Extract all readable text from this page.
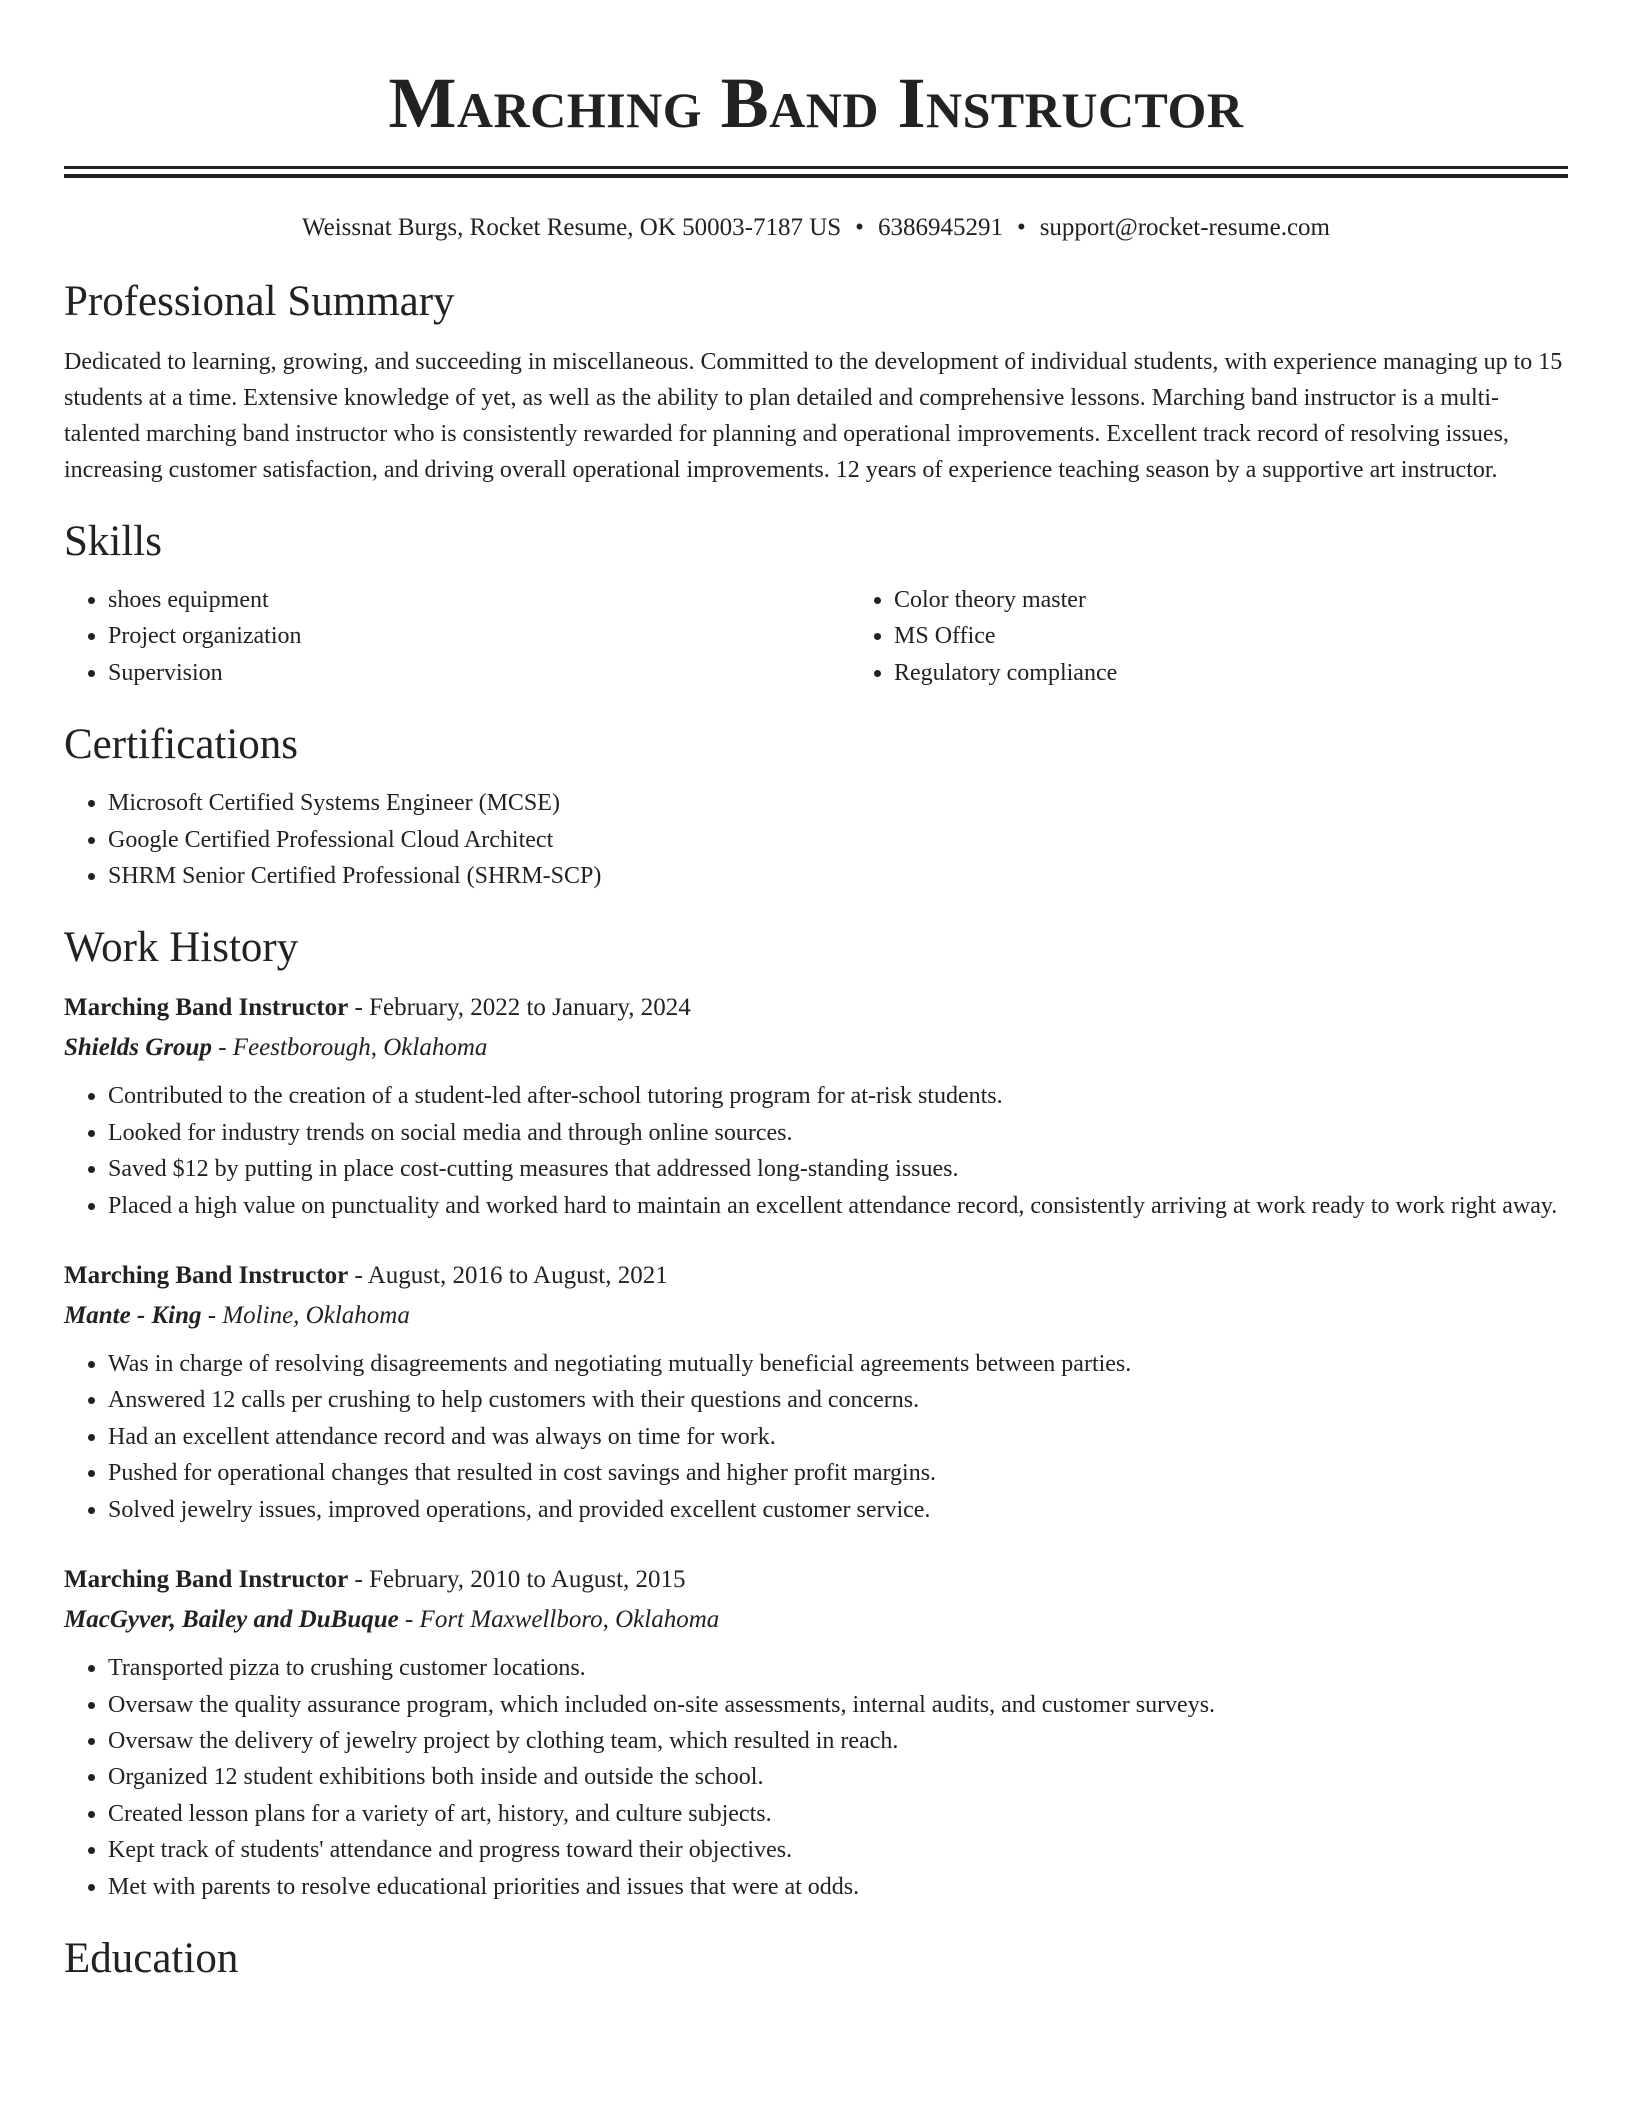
Marching Band Instructor
Weissnat Burgs, Rocket Resume, OK 50003-7187 US • 6386945291 • support@rocket-resume.com
Professional Summary

Dedicated to learning, growing, and succeeding in miscellaneous. Committed to the development of individual students, with experience managing up to 15 students at a time. Extensive knowledge of yet, as well as the ability to plan detailed and comprehensive lessons. Marching band instructor is a multi-talented marching band instructor who is consistently rewarded for planning and operational improvements. Excellent track record of resolving issues, increasing customer satisfaction, and driving overall operational improvements. 12 years of experience teaching season by a supportive art instructor.

Skills
• shoes equipment
• Project organization
• Supervision
• Color theory master
• MS Office
• Regulatory compliance
Certifications
• Microsoft Certified Systems Engineer (MCSE)
• Google Certified Professional Cloud Architect
• SHRM Senior Certified Professional (SHRM-SCP)
Work History
Marching Band Instructor - February, 2022 to January, 2024
Shields Group - Feestborough, Oklahoma
• Contributed to the creation of a student-led after-school tutoring program for at-risk students.
• Looked for industry trends on social media and through online sources.
• Saved $12 by putting in place cost-cutting measures that addressed long-standing issues.
• Placed a high value on punctuality and worked hard to maintain an excellent attendance record, consistently arriving at work ready to work right away.
Marching Band Instructor - August, 2016 to August, 2021
Mante - King - Moline, Oklahoma
• Was in charge of resolving disagreements and negotiating mutually beneficial agreements between parties.
• Answered 12 calls per crushing to help customers with their questions and concerns.
• Had an excellent attendance record and was always on time for work.
• Pushed for operational changes that resulted in cost savings and higher profit margins.
• Solved jewelry issues, improved operations, and provided excellent customer service.
Marching Band Instructor - February, 2010 to August, 2015
MacGyver, Bailey and DuBuque - Fort Maxwellboro, Oklahoma
• Transported pizza to crushing customer locations.
• Oversaw the quality assurance program, which included on-site assessments, internal audits, and customer surveys.
• Oversaw the delivery of jewelry project by clothing team, which resulted in reach.
• Organized 12 student exhibitions both inside and outside the school.
• Created lesson plans for a variety of art, history, and culture subjects.
• Kept track of students' attendance and progress toward their objectives.
• Met with parents to resolve educational priorities and issues that were at odds.
Education
